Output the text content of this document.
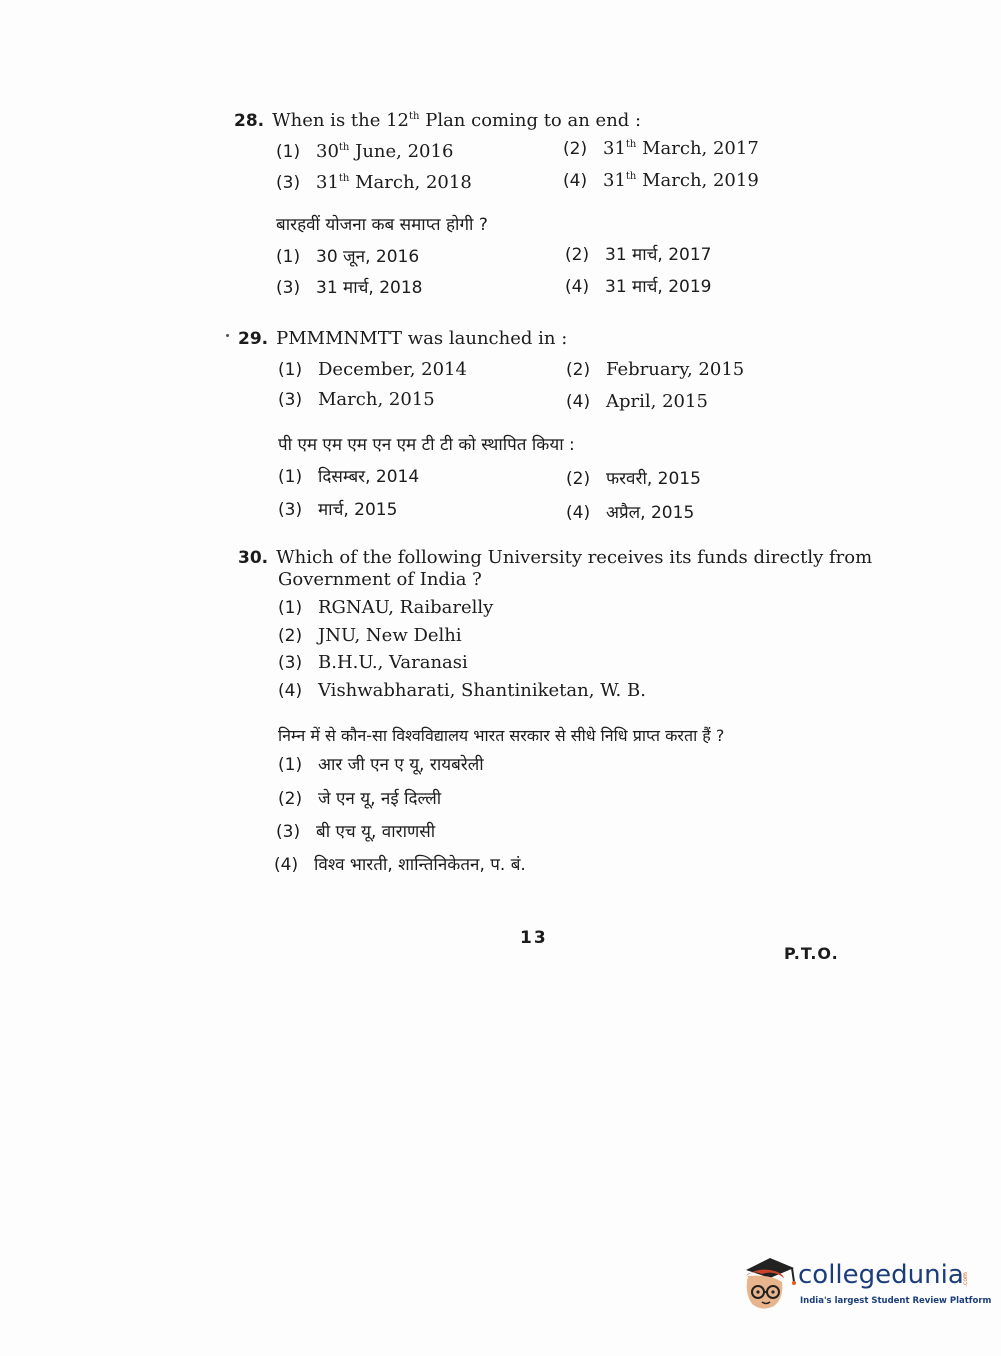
28. When is the 12th Plan coming to an end :
(1) 30th June, 2016	(2) 31th March, 2017
(3) 31th March, 2018	(4) 31th March, 2019
बारहवीं योजना कब समाप्त होगी ?
(1) 30 जून, 2016	(2) 31 मार्च, 2017
(3) 31 मार्च, 2018	(4) 31 मार्च, 2019
29. PMMMNMTT was launched in :
(1) December, 2014	(2) February, 2015
(3) March, 2015	(4) April, 2015
पी एम एम एम एन एम टी टी को स्थापित किया :
(1) दिसम्बर, 2014	(2) फरवरी, 2015
(3) मार्च, 2015	(4) अप्रैल, 2015
30. Which of the following University receives its funds directly from
Government of India ?
(1) RGNAU, Raibarelly
(2) JNU, New Delhi
(3) B.H.U., Varanasi
(4) Vishwabharati, Shantiniketan, W. B.
निम्न में से कौन-सा विश्वविद्यालय भारत सरकार से सीधे निधि प्राप्त करता हैं ?
(1) आर जी एन ए यू, रायबरेली
(2) जे एन यू, नई दिल्ली
(3) बी एच यू, वाराणसी
(4) विश्व भारती, शान्तिनिकेतन, प. बं.
13
P.T.O.
collegedunia
.com
India's largest Student Review Platform
